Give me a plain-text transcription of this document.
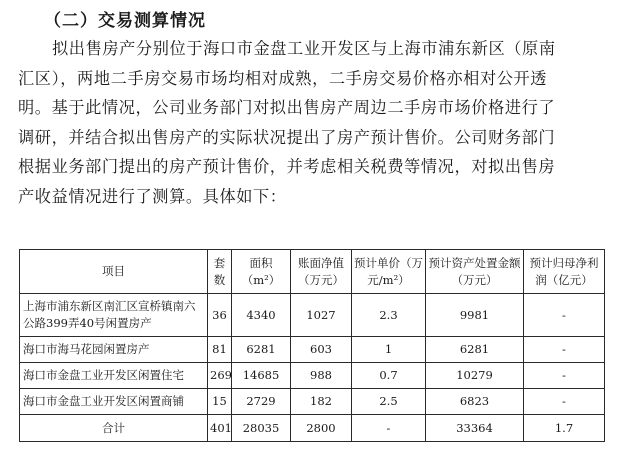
（二）交易测算情况
拟出售房产分别位于海口市金盘工业开发区与上海市浦东新区（原南
汇区），两地二手房交易市场均相对成熟，二手房交易价格亦相对公开透
明。基于此情况，公司业务部门对拟出售房产周边二手房市场价格进行了
调研，并结合拟出售房产的实际状况提出了房产预计售价。公司财务部门
根据业务部门提出的房产预计售价，并考虑相关税费等情况，对拟出售房
产收益情况进行了测算。具体如下：
项目	套数	面积（m²）	账面净值（万元）	预计单价（万元/m²）	预计资产处置金额（万元）	预计归母净利润（亿元）
上海市浦东新区南汇区宣桥镇南六公路399弄40号闲置房产	36	4340	1027	2.3	9981	-
海口市海马花园闲置房产	81	6281	603	1	6281	-
海口市金盘工业开发区闲置住宅	269	14685	988	0.7	10279	-
海口市金盘工业开发区闲置商铺	15	2729	182	2.5	6823	-
合计	401	28035	2800	-	33364	1.7
